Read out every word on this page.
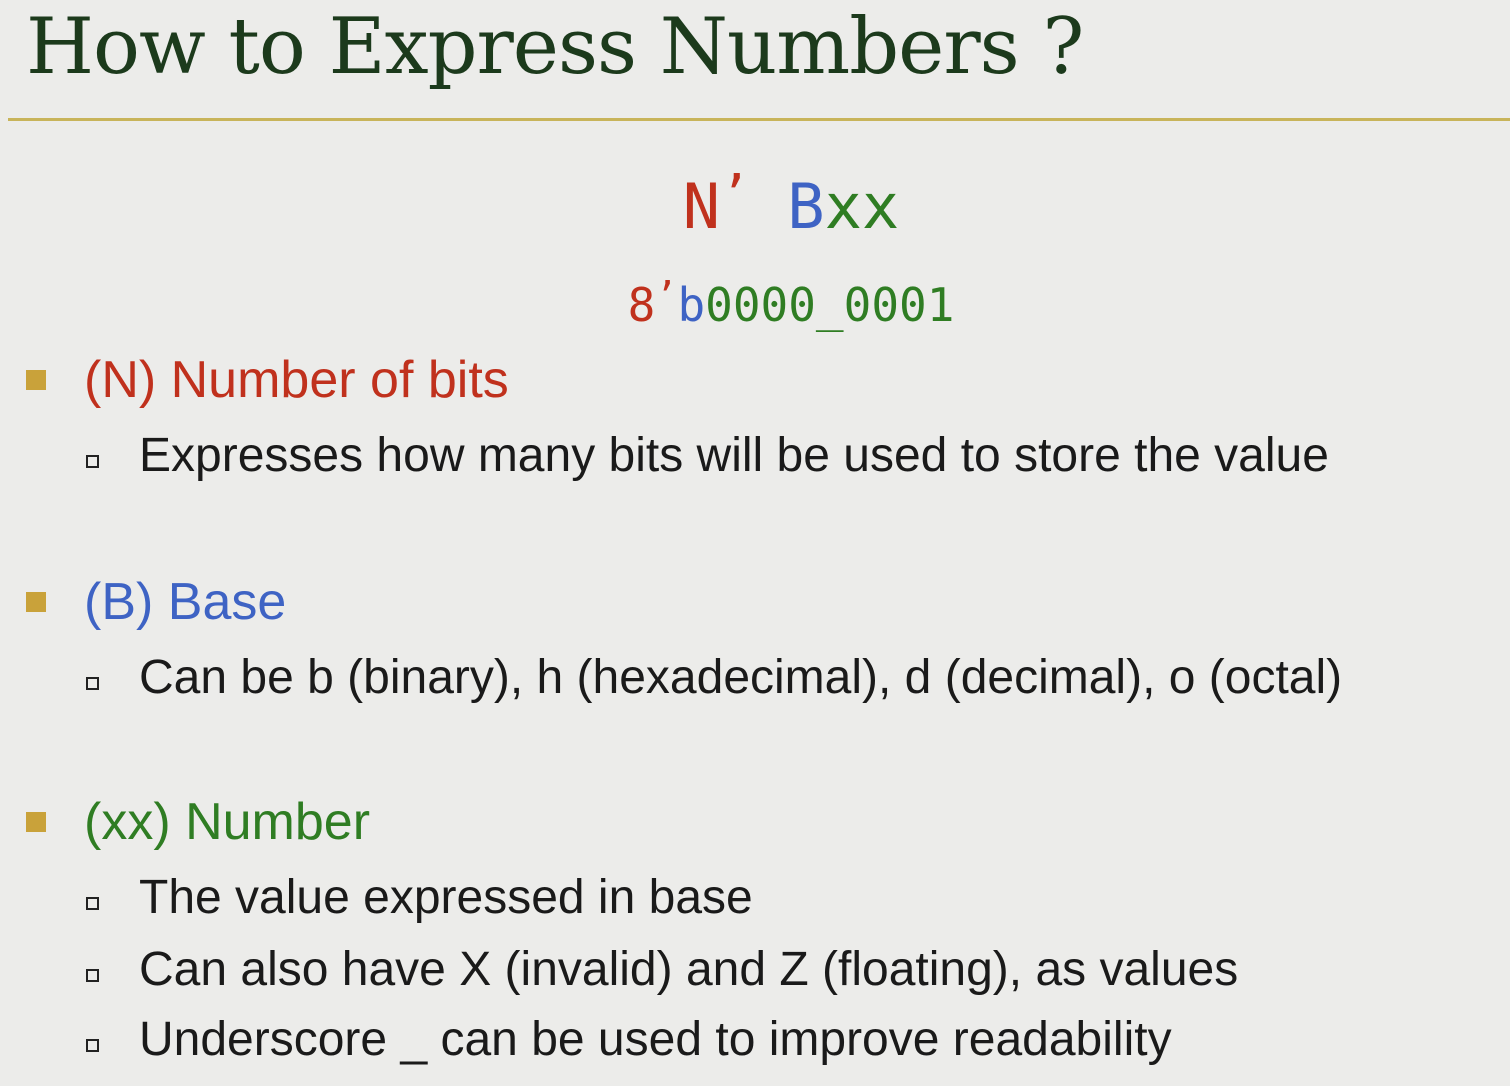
How to Express Numbers ?
N’ Bxx
8’b0000_0001
(N) Number of bits
Expresses how many bits will be used to store the value
(B) Base
Can be b (binary), h (hexadecimal), d (decimal), o (octal)
(xx) Number
The value expressed in base
Can also have X (invalid) and Z (floating), as values
Underscore _ can be used to improve readability
